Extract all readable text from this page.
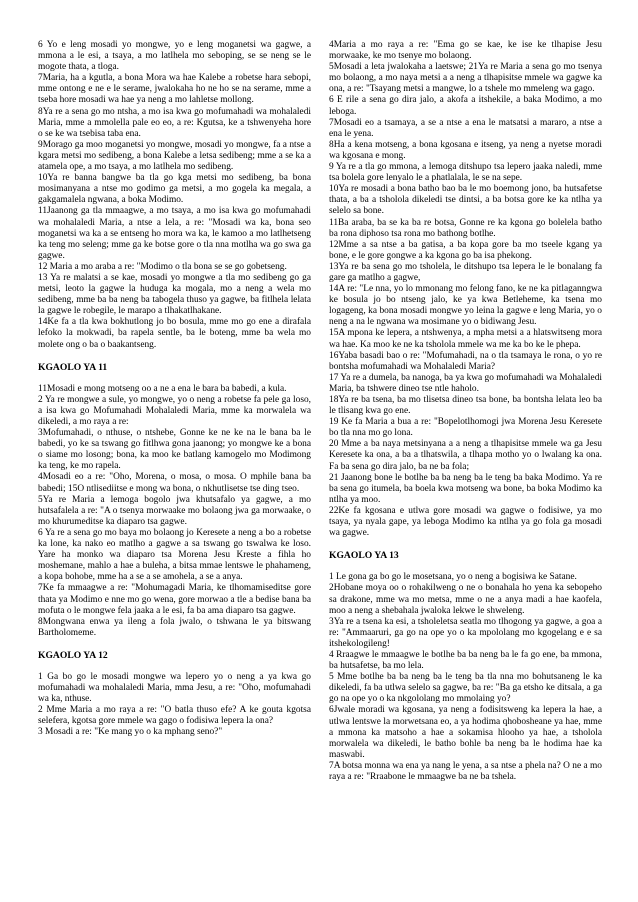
6 Yo e leng mosadi yo mongwe, yo e leng moganetsi wa gagwe, a mmona a le esi, a tsaya, a mo latlhela mo seboping, se se neng se le mogote thata, a tloga.

7Maria, ha a kgutla, a bona Mora wa hae Kalebe a robetse hara sebopi, mme ontong e ne e le serame, jwalokaha ho ne ho se na serame, mme a tseba hore mosadi wa hae ya neng a mo lahletse mollong.

8Ya re a sena go mo ntsha, a mo isa kwa go mofumahadi wa mohalaledi Maria, mme a mmolella pale eo eo, a re: Kgutsa, ke a tshwenyeha hore o se ke wa tsebisa taba ena.

9Morago ga moo moganetsi yo mongwe, mosadi yo mongwe, fa a ntse a kgara metsi mo sedibeng, a bona Kalebe a letsa sedibeng; mme a se ka a atamela ope, a mo tsaya, a mo latlhela mo sedibeng.

10Ya re banna bangwe ba tla go kga metsi mo sedibeng, ba bona mosimanyana a ntse mo godimo ga metsi, a mo gogela ka megala, a gakgamalela ngwana, a boka Modimo.

11Jaanong ga tla mmaagwe, a mo tsaya, a mo isa kwa go mofumahadi wa mohalaledi Maria, a ntse a lela, a re: "Mosadi wa ka, bona seo moganetsi wa ka a se entseng ho mora wa ka, le kamoo a mo latlhetseng ka teng mo seleng; mme ga ke botse gore o tla nna motlha wa go swa ga gagwe.

12 Maria a mo araba a re: "Modimo o tla bona se se go gobetseng.

13 Ya re malatsi a se kae, mosadi yo mongwe a tla mo sedibeng go ga metsi, leoto la gagwe la huduga ka mogala, mo a neng a wela mo sedibeng, mme ba ba neng ba tabogela thuso ya gagwe, ba fitlhela lelata la gagwe le robegile, le marapo a tlhakatlhakane.

14Ke fa a tla kwa bokhutlong jo bo bosula, mme mo go ene a dirafala lefoko la mokwadi, ba rapela sentle, ba le boteng, mme ba wela mo molete ong o ba o baakantseng.

KGAOLO YA 11

11Mosadi e mong motseng oo a ne a ena le bara ba babedi, a kula.

2 Ya re mongwe a sule, yo mongwe, yo o neng a robetse fa pele ga loso, a isa kwa go Mofumahadi Mohalaledi Maria, mme ka morwalela wa dikeledi, a mo raya a re:

3Mofumahadi, o nthuse, o ntshebe, Gonne ke ne ke na le bana ba le babedi, yo ke sa tswang go fitlhwa gona jaanong; yo mongwe ke a bona o siame mo losong; bona, ka moo ke batlang kamogelo mo Modimong ka teng, ke mo rapela.

4Mosadi eo a re: "Oho, Morena, o mosa, o mosa. O mphile bana ba babedi; 15O ntlisediitse e mong wa bona, o nkhutlisetse tse ding tseo.

5Ya re Maria a lemoga bogolo jwa khutsafalo ya gagwe, a mo hutsafalela a re: "A o tsenya morwaake mo bolaong jwa ga morwaake, o mo khurumeditse ka diaparo tsa gagwe.

6 Ya re a sena go mo baya mo bolaong jo Keresete a neng a bo a robetse ka lone, ka nako eo matlho a gagwe a sa tswang go tswalwa ke loso. Yare ha monko wa diaparo tsa Morena Jesu Kreste a fihla ho moshemane, mahlo a hae a buleha, a bitsa mmae lentswe le phahameng, a kopa bohobe, mme ha a se a se amohela, a se a anya.

7Ke fa mmaagwe a re: "Mohumagadi Maria, ke tlhomamiseditse gore thata ya Modimo e nne mo go wena, gore morwao a tle a bedise bana ba mofuta o le mongwe fela jaaka a le esi, fa ba ama diaparo tsa gagwe.

8Mongwana enwa ya ileng a fola jwalo, o tshwana le ya bitswang Bartholomeme.

KGAOLO YA 12

1 Ga bo go le mosadi mongwe wa lepero yo o neng a ya kwa go mofumahadi wa mohalaledi Maria, mma Jesu, a re: "Oho, mofumahadi wa ka, nthuse.

2 Mme Maria a mo raya a re: "O batla thuso efe? A ke gouta kgotsa selefera, kgotsa gore mmele wa gago o fodisiwa lepera la ona?

3 Mosadi a re: "Ke mang yo o ka mphang seno?"

4Maria a mo raya a re: "Ema go se kae, ke ise ke tlhapise Jesu morwaake, ke mo tsenye mo bolaong.

5Mosadi a leta jwalokaha a laetswe; 21Ya re Maria a sena go mo tsenya mo bolaong, a mo naya metsi a a neng a tlhapisitse mmele wa gagwe ka ona, a re: "Tsayang metsi a mangwe, lo a tshele mo mmeleng wa gago.

6 E rile a sena go dira jalo, a akofa a itshekile, a baka Modimo, a mo leboga.

7Mosadi eo a tsamaya, a se a ntse a ena le matsatsi a mararo, a ntse a ena le yena.

8Ha a kena motseng, a bona kgosana e itseng, ya neng a nyetse moradi wa kgosana e mong.

9 Ya re a tla go mmona, a lemoga ditshupo tsa lepero jaaka naledi, mme tsa bolela gore lenyalo le a phatlalala, le se na sepe.

10Ya re mosadi a bona batho bao ba le mo boemong jono, ba hutsafetse thata, a ba a tsholola dikeledi tse dintsi, a ba botsa gore ke ka ntlha ya selelo sa bone.

11Ba araba, ba se ka ba re botsa, Gonne re ka kgona go bolelela batho ba rona diphoso tsa rona mo bathong botlhe.

12Mme a sa ntse a ba gatisa, a ba kopa gore ba mo tseele kgang ya bone, e le gore gongwe a ka kgona go ba isa phekong.

13Ya re ba sena go mo tsholela, le ditshupo tsa lepera le le bonalang fa gare ga matlho a gagwe,

14A re: "Le nna, yo lo mmonang mo felong fano, ke ne ka pitlaganngwa ke bosula jo bo ntseng jalo, ke ya kwa Betleheme, ka tsena mo logageng, ka bona mosadi mongwe yo leina la gagwe e leng Maria, yo o neng a na le ngwana wa mosimane yo o bidiwang Jesu.

15A mpona ke lepera, a ntshwenya, a mpha metsi a a hlatswitseng mora wa hae. Ka moo ke ne ka tsholola mmele wa me ka bo ke le phepa.

16Yaba basadi bao o re: "Mofumahadi, na o tla tsamaya le rona, o yo re bontsha mofumahadi wa Mohalaledi Maria?

17 Ya re a dumela, ba nanoga, ba ya kwa go mofumahadi wa Mohalaledi Maria, ba tshwere dineo tse ntle haholo.

18Ya re ba tsena, ba mo tlisetsa dineo tsa bone, ba bontsha lelata leo ba le tlisang kwa go ene.

19 Ke fa Maria a bua a re: "Bopelotlhomogi jwa Morena Jesu Keresete bo tla nna mo go lona.

20 Mme a ba naya metsinyana a a neng a tlhapisitse mmele wa ga Jesu Keresete ka ona, a ba a tlhatswila, a tlhapa motho yo o lwalang ka ona. Fa ba sena go dira jalo, ba ne ba fola;

21 Jaanong bone le botlhe ba ba neng ba le teng ba baka Modimo. Ya re ba sena go itumela, ba boela kwa motseng wa bone, ba boka Modimo ka ntlha ya moo.

22Ke fa kgosana e utlwa gore mosadi wa gagwe o fodisiwe, ya mo tsaya, ya nyala gape, ya leboga Modimo ka ntlha ya go fola ga mosadi wa gagwe.

KGAOLO YA 13

1 Le gona ga bo go le mosetsana, yo o neng a bogisiwa ke Satane.

2Hobane moya oo o rohakilweng o ne o bonahala ho yena ka sebopeho sa drakone, mme wa mo metsa, mme o ne a anya madi a hae kaofela, moo a neng a shebahala jwaloka lekwe le shweleng.

3Ya re a tsena ka esi, a tsholeletsa seatla mo tlhogong ya gagwe, a goa a re: "Ammaaruri, ga go na ope yo o ka mpololang mo kgogelang e e sa itshekologileng!

4 Rraagwe le mmaagwe le botlhe ba ba neng ba le fa go ene, ba mmona, ba hutsafetse, ba mo lela.

5 Mme botlhe ba ba neng ba le teng ba tla nna mo bohutsaneng le ka dikeledi, fa ba utlwa selelo sa gagwe, ba re: "Ba ga etsho ke ditsala, a ga go na ope yo o ka nkgololang mo mmolaing yo?

6Jwale moradi wa kgosana, ya neng a fodisitsweng ka lepera la hae, a utlwa lentswe la morwetsana eo, a ya hodima qhobosheane ya hae, mme a mmona ka matsoho a hae a sokamisa hlooho ya hae, a tsholola morwalela wa dikeledi, le batho bohle ba neng ba le hodima hae ka maswabi.

7A botsa monna wa ena ya nang le yena, a sa ntse a phela na? O ne a mo raya a re: "Rraabone le mmaagwe ba ne ba tshela.
